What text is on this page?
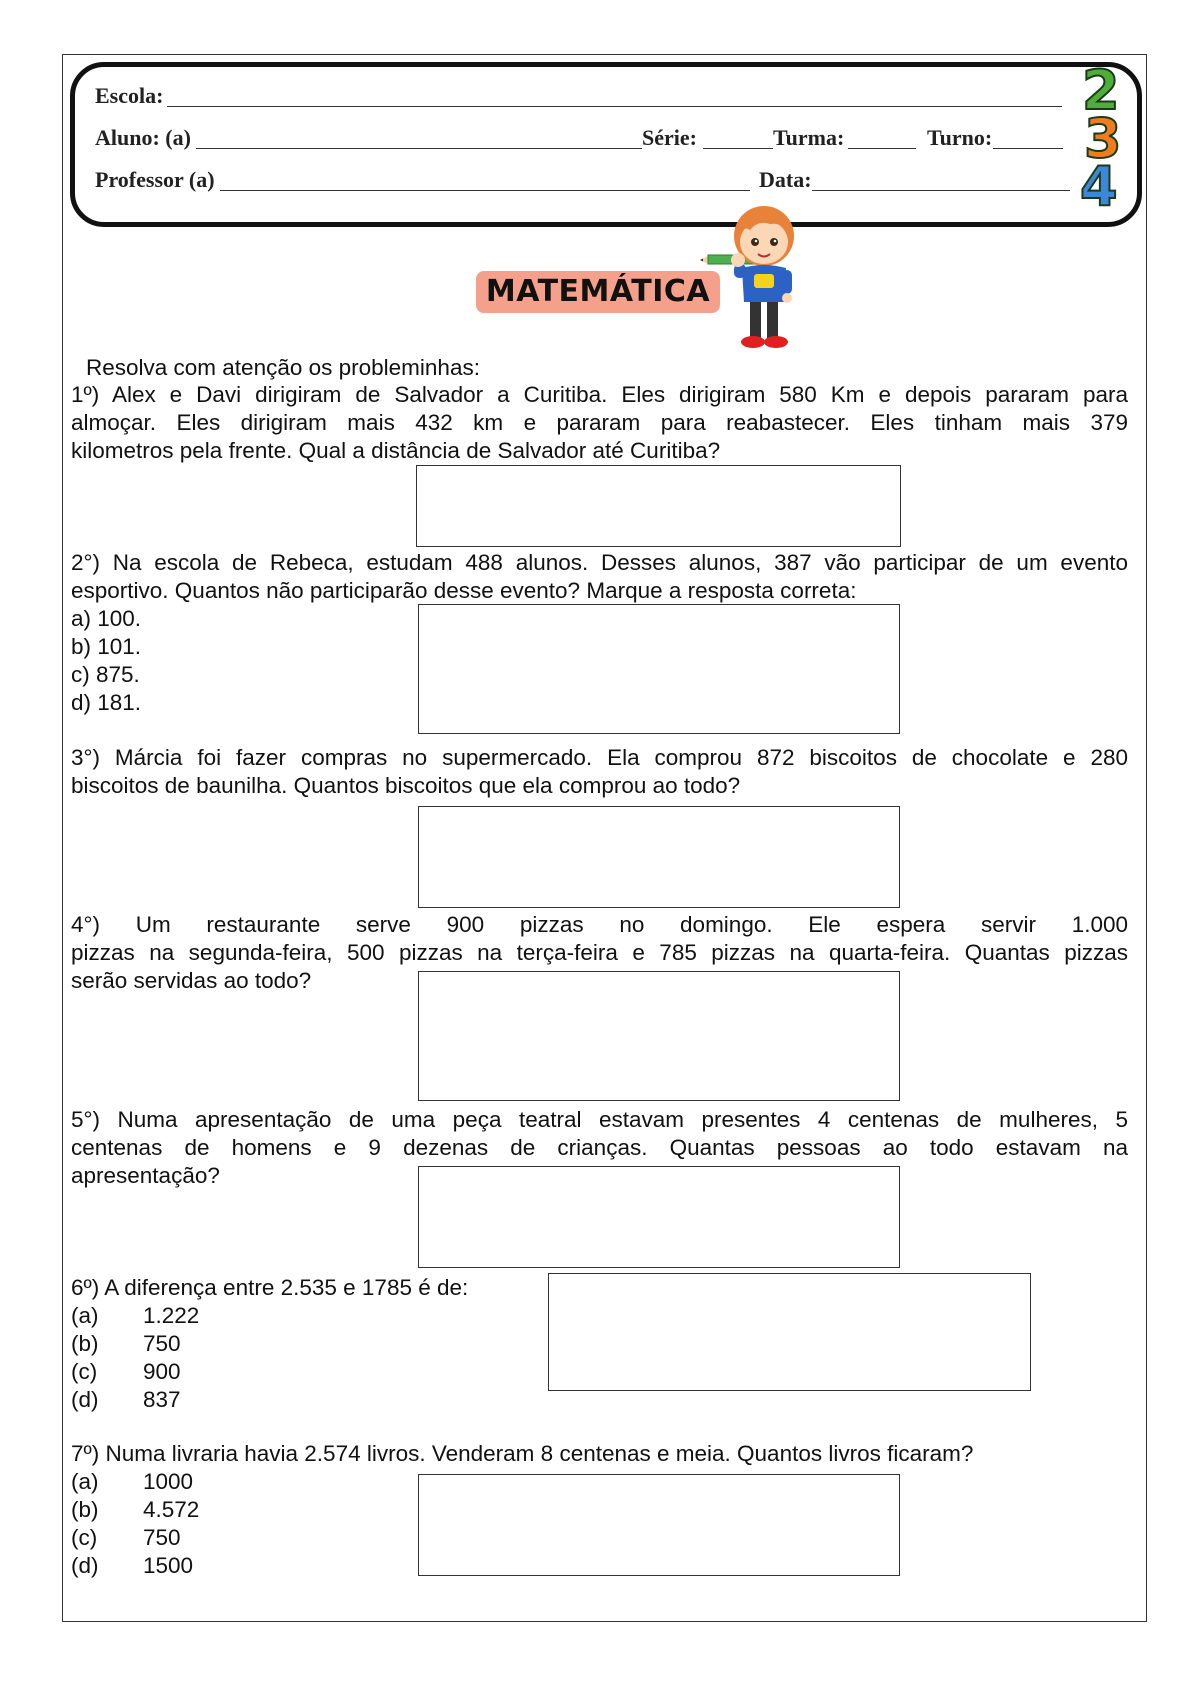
Escola:
Aluno: (a)	Série:	Turma:	Turno:
Professor (a)	Data:
2
3
4
MATEMÁTICA
Resolva com atenção os probleminhas:
1º) Alex e Davi dirigiram de Salvador a Curitiba. Eles dirigiram 580 Km e depois pararam para
almoçar. Eles dirigiram mais 432 km e pararam para reabastecer. Eles tinham mais 379
kilometros pela frente. Qual a distância de Salvador até Curitiba?
2°) Na escola de Rebeca, estudam 488 alunos. Desses alunos, 387 vão participar de um evento
esportivo. Quantos não participarão desse evento? Marque a resposta correta:
a) 100.
b) 101.
c) 875.
d) 181.
3°) Márcia foi fazer compras no supermercado. Ela comprou 872 biscoitos de chocolate e 280
biscoitos de baunilha. Quantos biscoitos que ela comprou ao todo?
4°) Um restaurante serve 900 pizzas no domingo. Ele espera servir 1.000
pizzas na segunda-feira, 500 pizzas na terça-feira e 785 pizzas na quarta-feira. Quantas pizzas
serão servidas ao todo?
5°) Numa apresentação de uma peça teatral estavam presentes 4 centenas de mulheres, 5
centenas de homens e 9 dezenas de crianças. Quantas pessoas ao todo estavam na
apresentação?
6º) A diferença entre 2.535 e 1785 é de:
(a) 1.222
(b) 750
(c) 900
(d) 837
7º) Numa livraria havia 2.574 livros. Venderam 8 centenas e meia. Quantos livros ficaram?
(a) 1000
(b) 4.572
(c) 750
(d) 1500
